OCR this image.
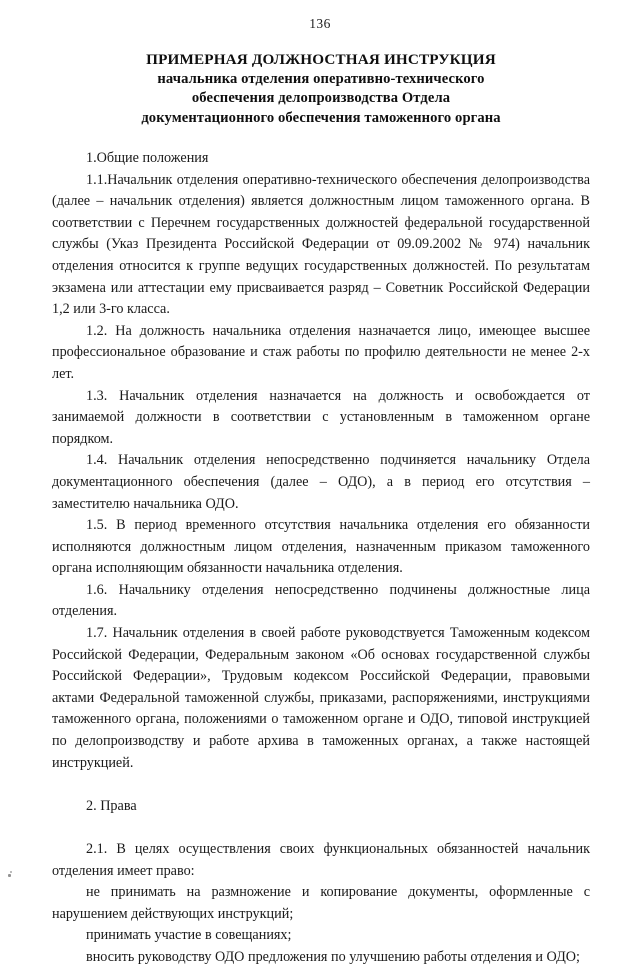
136
ПРИМЕРНАЯ ДОЛЖНОСТНАЯ ИНСТРУКЦИЯ
начальника отделения оперативно-технического
обеспечения делопроизводства Отдела
документационного обеспечения таможенного органа

1.Общие положения

1.1.Начальник отделения оперативно-технического обеспечения делопроизводства (далее – начальник отделения) является должностным лицом таможенного органа. В соответствии с Перечнем государственных должностей федеральной государственной службы (Указ Президента Российской Федерации от 09.09.2002 № 974) начальник отделения относится к группе ведущих государственных должностей. По результатам экзамена или аттестации ему присваивается разряд – Советник Российской Федерации 1,2 или 3-го класса.

1.2. На должность начальника отделения назначается лицо, имеющее высшее профессиональное образование и стаж работы по профилю деятельности не менее 2-х лет.

1.3. Начальник отделения назначается на должность и освобождается от занимаемой должности в соответствии с установленным в таможенном органе порядком.

1.4. Начальник отделения непосредственно подчиняется начальнику Отдела документационного обеспечения (далее – ОДО), а в период его отсутствия – заместителю начальника ОДО.

1.5. В период временного отсутствия начальника отделения его обязанности исполняются должностным лицом отделения, назначенным приказом таможенного органа исполняющим обязанности начальника отделения.

1.6. Начальнику отделения непосредственно подчинены должностные лица отделения.

1.7. Начальник отделения в своей работе руководствуется Таможенным кодексом Российской Федерации, Федеральным законом «Об основах государственной службы Российской Федерации», Трудовым кодексом Российской Федерации, правовыми актами Федеральной таможенной службы, приказами, распоряжениями, инструкциями таможенного органа, положениями о таможенном органе и ОДО, типовой инструкцией по делопроизводству и работе архива в таможенных органах, а также настоящей инструкцией.

2. Права

2.1. В целях осуществления своих функциональных обязанностей начальник отделения имеет право:

не принимать на размножение и копирование документы, оформленные с нарушением действующих инструкций;

принимать участие в совещаниях;

вносить руководству ОДО предложения по улучшению работы отделения и ОДО;
